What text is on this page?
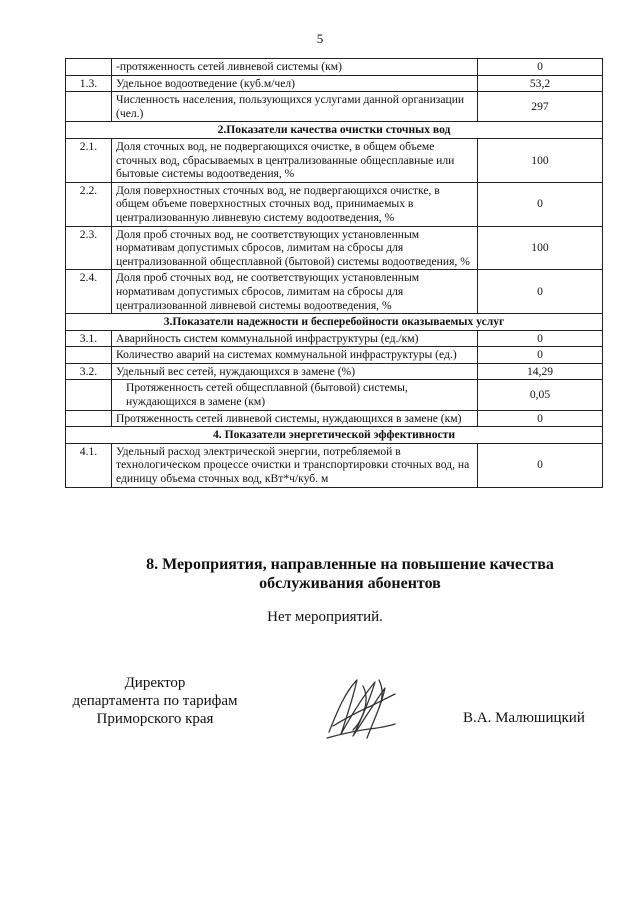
5
	-протяженность сетей ливневой системы (км)	0
1.3.	Удельное водоотведение (куб.м/чел)	53,2
	Численность населения, пользующихся услугами данной организации (чел.)	297
2.Показатели качества очистки сточных вод		
2.1.	Доля сточных вод, не подвергающихся очистке, в общем объеме сточных вод, сбрасываемых в централизованные общесплавные или бытовые системы водоотведения, %	100
2.2.	Доля поверхностных сточных вод, не подвергающихся очистке, в общем объеме поверхностных сточных вод, принимаемых в централизованную ливневую систему водоотведения, %	0
2.3.	Доля проб сточных вод, не соответствующих установленным нормативам допустимых сбросов, лимитам на сбросы для централизованной общесплавной (бытовой) системы водоотведения, %	100
2.4.	Доля проб сточных вод, не соответствующих установленным нормативам допустимых сбросов, лимитам на сбросы для централизованной ливневой системы водоотведения, %	0
3.Показатели надежности и бесперебойности оказываемых услуг		
3.1.	Аварийность систем коммунальной инфраструктуры (ед./км)	0
	Количество аварий на системах коммунальной инфраструктуры (ед.)	0
3.2.	Удельный вес сетей, нуждающихся в замене (%)	14,29
	Протяженность сетей общесплавной (бытовой) системы, нуждающихся в замене (км)	0,05
	Протяженность сетей ливневой системы, нуждающихся в замене (км)	0
4. Показатели энергетической эффективности		
4.1.	Удельный расход электрической энергии, потребляемой в технологическом процессе очистки и транспортировки сточных вод, на единицу объема сточных вод, кВт*ч/куб. м	0
8. Мероприятия, направленные на повышение качества
обслуживания абонентов
Нет мероприятий.
Директор
департамента по тарифам
Приморского края	В.А. Малюшицкий
